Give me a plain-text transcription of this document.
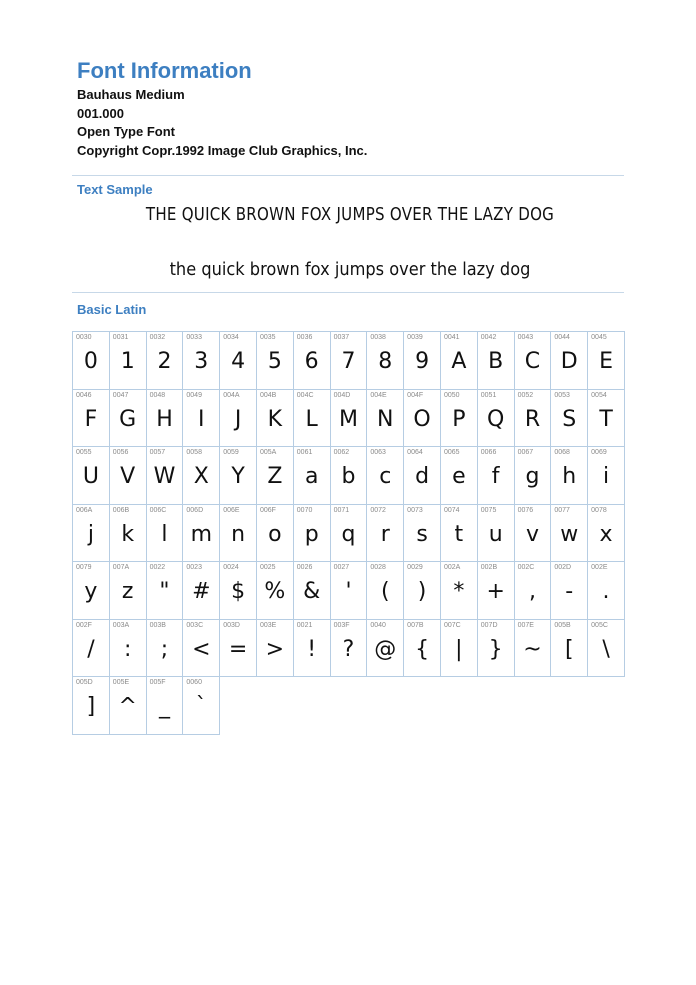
Font Information
Bauhaus Medium
001.000
Open Type Font
Copyright Copr.1992 Image Club Graphics, Inc.
Text Sample
THE QUICK BROWN FOX JUMPS OVER THE LAZY DOG
the quick brown fox jumps over the lazy dog
Basic Latin
0030
0
0031
1
0032
2
0033
3
0034
4
0035
5
0036
6
0037
7
0038
8
0039
9
0041
A
0042
B
0043
C
0044
D
0045
E
0046
F
0047
G
0048
H
0049
I
004A
J
004B
K
004C
L
004D
M
004E
N
004F
O
0050
P
0051
Q
0052
R
0053
S
0054
T
0055
U
0056
V
0057
W
0058
X
0059
Y
005A
Z
0061
a
0062
b
0063
c
0064
d
0065
e
0066
f
0067
g
0068
h
0069
i
006A
j
006B
k
006C
l
006D
m
006E
n
006F
o
0070
p
0071
q
0072
r
0073
s
0074
t
0075
u
0076
v
0077
w
0078
x
0079
y
007A
z
0022
"
0023
#
0024
$
0025
%
0026
&
0027
'
0028
(
0029
)
002A
*
002B
+
002C
,
002D
-
002E
.
002F
/
003A
:
003B
;
003C
<
003D
=
003E
>
0021
!
003F
?
0040
@
007B
{
007C
|
007D
}
007E
~
005B
[
005C
\
005D
]
005E
^
005F
_
0060
`
